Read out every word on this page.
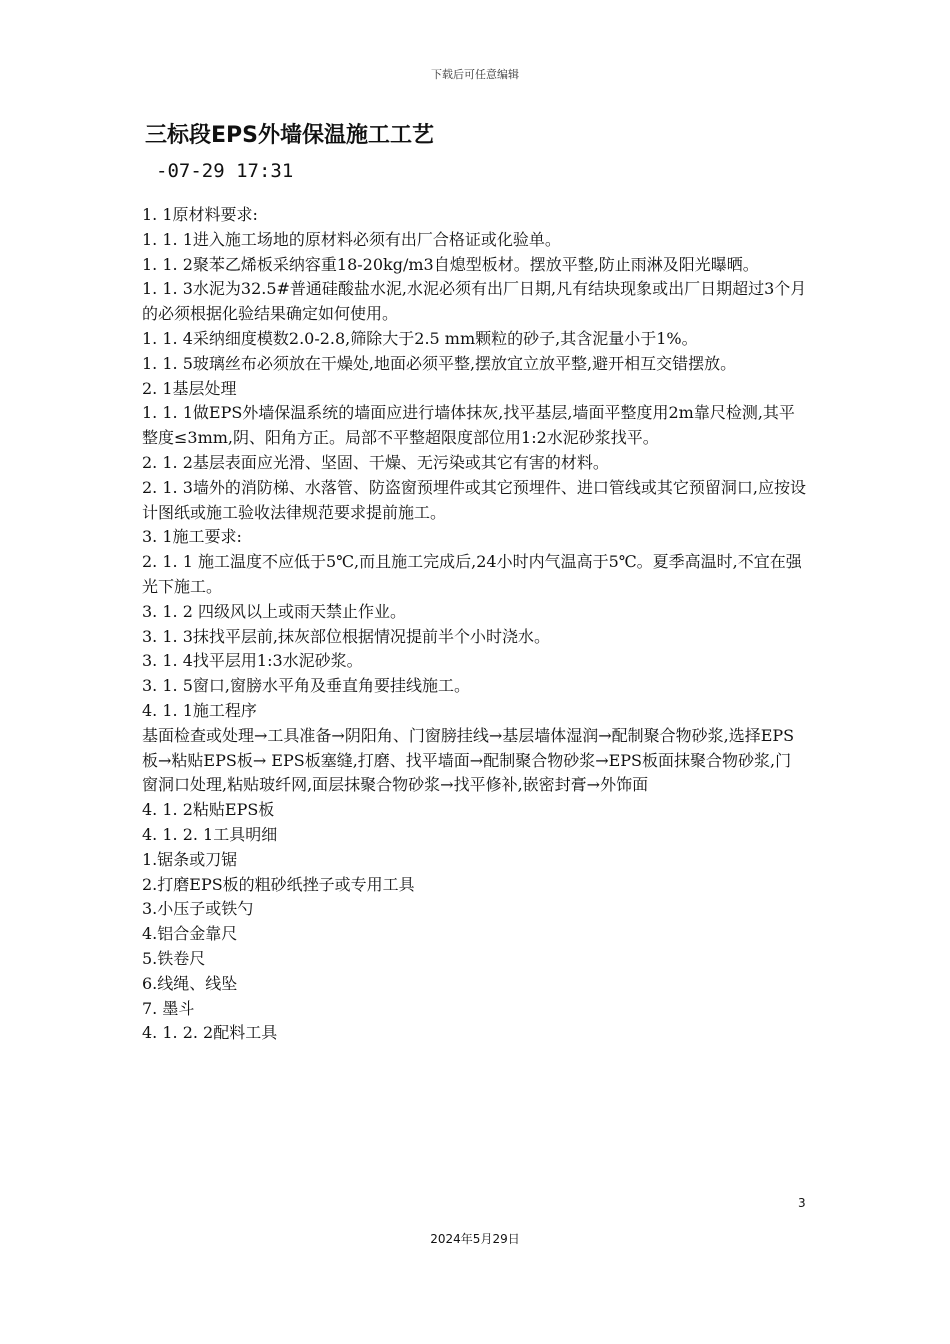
下载后可任意编辑
三标段EPS外墙保温施工工艺
-07-29 17:31

1. 1原材料要求:

1. 1. 1进入施工场地的原材料必须有出厂合格证或化验单。

1. 1. 2聚苯乙烯板采纳容重18-20kg/m3自熄型板材。摆放平整,防止雨淋及阳光曝晒。

1. 1. 3水泥为32.5#普通硅酸盐水泥,水泥必须有出厂日期,凡有结块现象或出厂日期超过3个月的必须根据化验结果确定如何使用。

1. 1. 4采纳细度模数2.0-2.8,筛除大于2.5 mm颗粒的砂子,其含泥量小于1%。

1. 1. 5玻璃丝布必须放在干燥处,地面必须平整,摆放宜立放平整,避开相互交错摆放。

2. 1基层处理

1. 1. 1做EPS外墙保温系统的墙面应进行墙体抹灰,找平基层,墙面平整度用2m靠尺检测,其平整度≤3mm,阴、阳角方正。局部不平整超限度部位用1:2水泥砂浆找平。

2. 1. 2基层表面应光滑、坚固、干燥、无污染或其它有害的材料。

2. 1. 3墙外的消防梯、水落管、防盗窗预埋件或其它预埋件、进口管线或其它预留洞口,应按设计图纸或施工验收法律规范要求提前施工。

3. 1施工要求:

2. 1. 1 施工温度不应低于5℃,而且施工完成后,24小时内气温高于5℃。夏季高温时,不宜在强光下施工。

3. 1. 2 四级风以上或雨天禁止作业。

3. 1. 3抹找平层前,抹灰部位根据情况提前半个小时浇水。

3. 1. 4找平层用1:3水泥砂浆。

3. 1. 5窗口,窗膀水平角及垂直角要挂线施工。

4. 1. 1施工程序

基面检查或处理→工具准备→阴阳角、门窗膀挂线→基层墙体湿润→配制聚合物砂浆,选择EPS板→粘贴EPS板→ EPS板塞缝,打磨、找平墙面→配制聚合物砂浆→EPS板面抹聚合物砂浆,门窗洞口处理,粘贴玻纤网,面层抹聚合物砂浆→找平修补,嵌密封膏→外饰面

4. 1. 2粘贴EPS板

4. 1. 2. 1工具明细

1.锯条或刀锯

2.打磨EPS板的粗砂纸挫子或专用工具

3.小压子或铁勺

4.铝合金靠尺

5.铁卷尺

6.线绳、线坠

7. 墨斗

4. 1. 2. 2配料工具

3
2024年5月29日
